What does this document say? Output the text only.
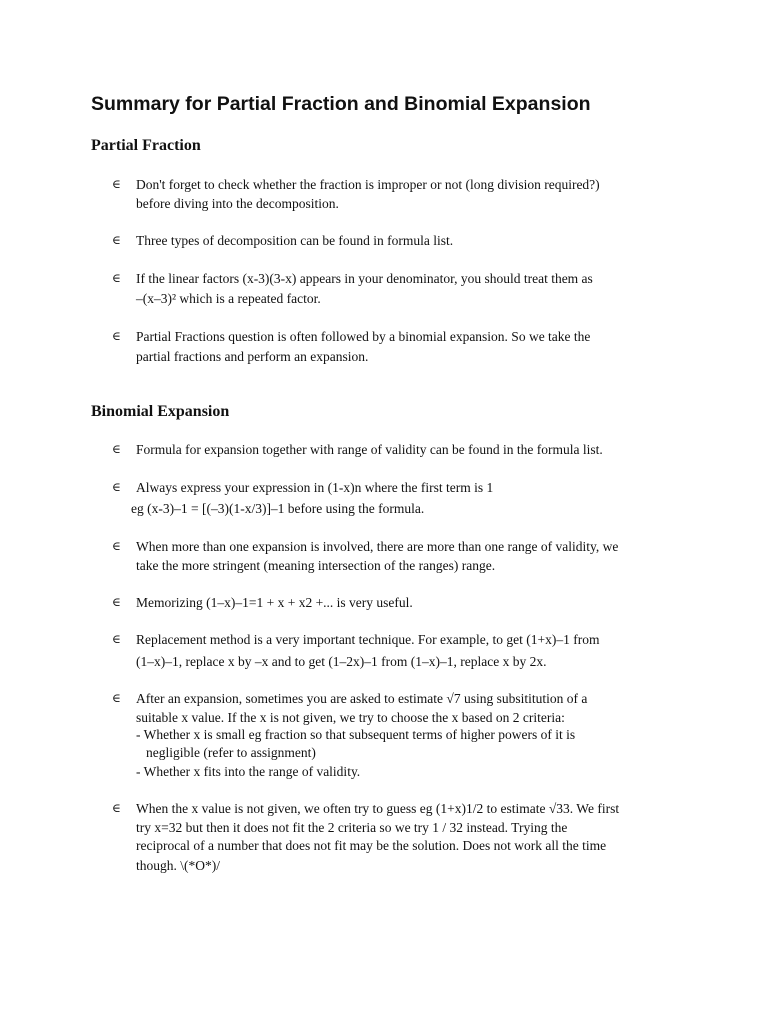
Summary for Partial Fraction and Binomial Expansion
Partial Fraction
∈ Don't forget to check whether the fraction is improper or not (long division required?)
before diving into the decomposition.
∈ Three types of decomposition can be found in formula list.
∈ If the linear factors (x-3)(3-x) appears in your denominator, you should treat them as
–(x–3)² which is a repeated factor.
∈ Partial Fractions question is often followed by a binomial expansion. So we take the
partial fractions and perform an expansion.
Binomial Expansion
∈ Formula for expansion together with range of validity can be found in the formula list.
∈ Always express your expression in (1-x)n where the first term is 1
eg (x-3)–1 = [(–3)(1-x/3)]–1 before using the formula.
∈ When more than one expansion is involved, there are more than one range of validity, we
take the more stringent (meaning intersection of the ranges) range.
∈ Memorizing (1–x)–1=1 + x + x2 +... is very useful.
∈ Replacement method is a very important technique. For example, to get (1+x)–1 from
(1–x)–1, replace x by –x and to get (1–2x)–1 from (1–x)–1, replace x by 2x.
∈ After an expansion, sometimes you are asked to estimate √7 using subsititution of a
suitable x value. If the x is not given, we try to choose the x based on 2 criteria:
- Whether x is small eg fraction so that subsequent terms of higher powers of it is
negligible (refer to assignment)
- Whether x fits into the range of validity.
∈ When the x value is not given, we often try to guess eg (1+x)1/2 to estimate √33. We first
try x=32 but then it does not fit the 2 criteria so we try 1 / 32 instead. Trying the
reciprocal of a number that does not fit may be the solution. Does not work all the time
though. \(*O*)/
